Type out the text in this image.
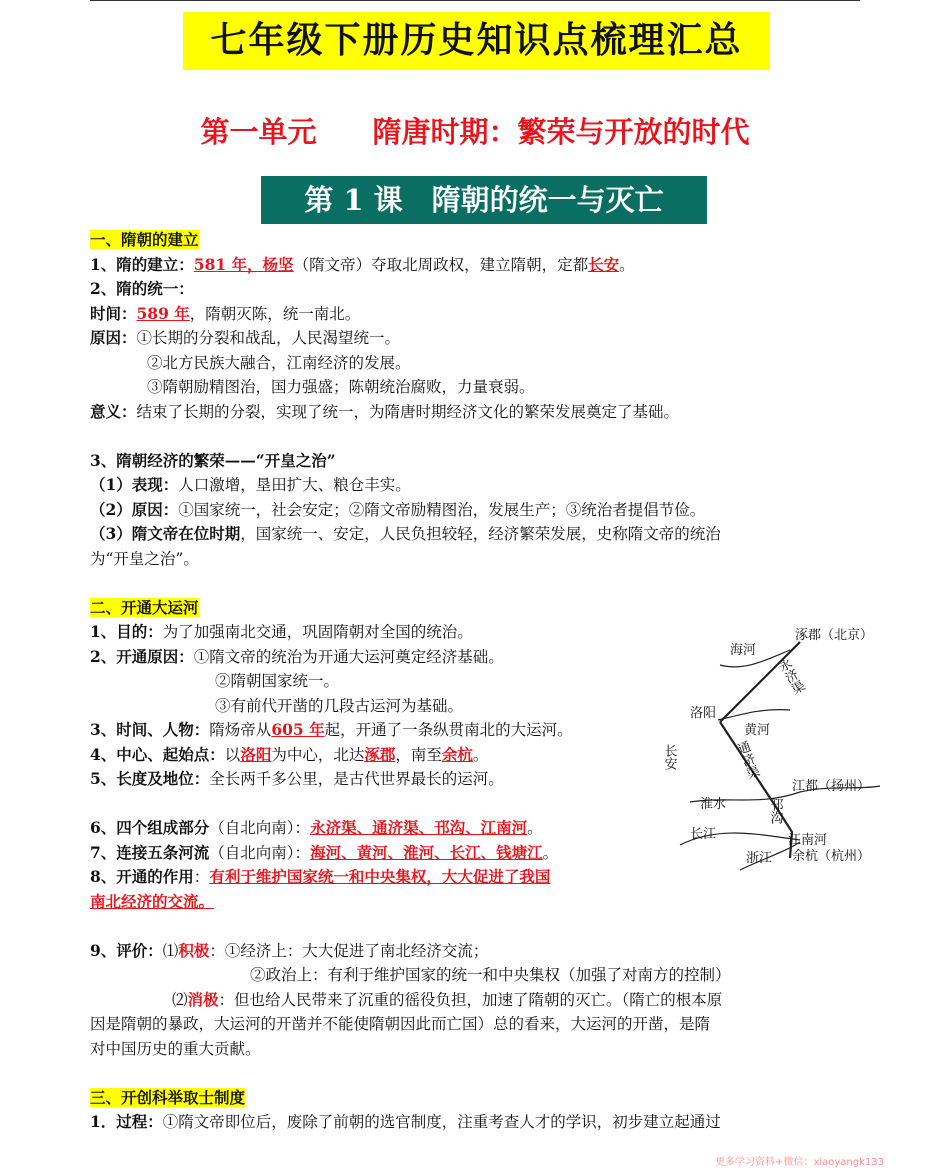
七年级下册历史知识点梳理汇总
第一单元 隋唐时期：繁荣与开放的时代
第 1 课　隋朝的统一与灭亡

一、隋朝的建立

1、隋的建立：581 年，杨坚（隋文帝）夺取北周政权，建立隋朝，定都长安。

2、隋的统一：

时间：589 年，隋朝灭陈，统一南北。

原因：①长期的分裂和战乱，人民渴望统一。

②北方民族大融合，江南经济的发展。

③隋朝励精图治，国力强盛；陈朝统治腐败，力量衰弱。

意义：结束了长期的分裂，实现了统一，为隋唐时期经济文化的繁荣发展奠定了基础。

3、隋朝经济的繁荣——“开皇之治”

（1）表现：人口激增，垦田扩大、粮仓丰实。

（2）原因：①国家统一，社会安定；②隋文帝励精图治，发展生产；③统治者提倡节俭。

（3）隋文帝在位时期，国家统一、安定，人民负担较轻，经济繁荣发展，史称隋文帝的统治

为“开皇之治”。

二、开通大运河

1、目的：为了加强南北交通，巩固隋朝对全国的统治。

2、开通原因：①隋文帝的统治为开通大运河奠定经济基础。

②隋朝国家统一。

③有前代开凿的几段古运河为基础。

3、时间、人物：隋炀帝从605 年起，开通了一条纵贯南北的大运河。

4、中心、起始点：以洛阳为中心，北达涿郡，南至余杭。

5、长度及地位：全长两千多公里，是古代世界最长的运河。

6、四个组成部分（自北向南）：永济渠、通济渠、邗沟、江南河。

7、连接五条河流（自北向南）：海河、黄河、淮河、长江、钱塘江。

8、开通的作用：有利于维护国家统一和中央集权，大大促进了我国

南北经济的交流。

9、评价：⑴积极：①经济上：大大促进了南北经济交流；

②政治上：有利于维护国家的统一和中央集权（加强了对南方的控制）

⑵消极：但也给人民带来了沉重的徭役负担，加速了隋朝的灭亡。（隋亡的根本原

因是隋朝的暴政，大运河的开凿并不能使隋朝因此而亡国）总的看来，大运河的开凿，是隋

对中国历史的重大贡献。

三、开创科举取士制度

1．过程：①隋文帝即位后，废除了前朝的选官制度，注重考查人才的学识，初步建立起通过

涿郡（北京）
海河
洛阳
黄河
淮水
江都（扬州）
长江	江南河
浙江 余杭（杭州）
长安
永济渠
通济渠
邗沟
更多学习资料+微信：xiaoyangk133
